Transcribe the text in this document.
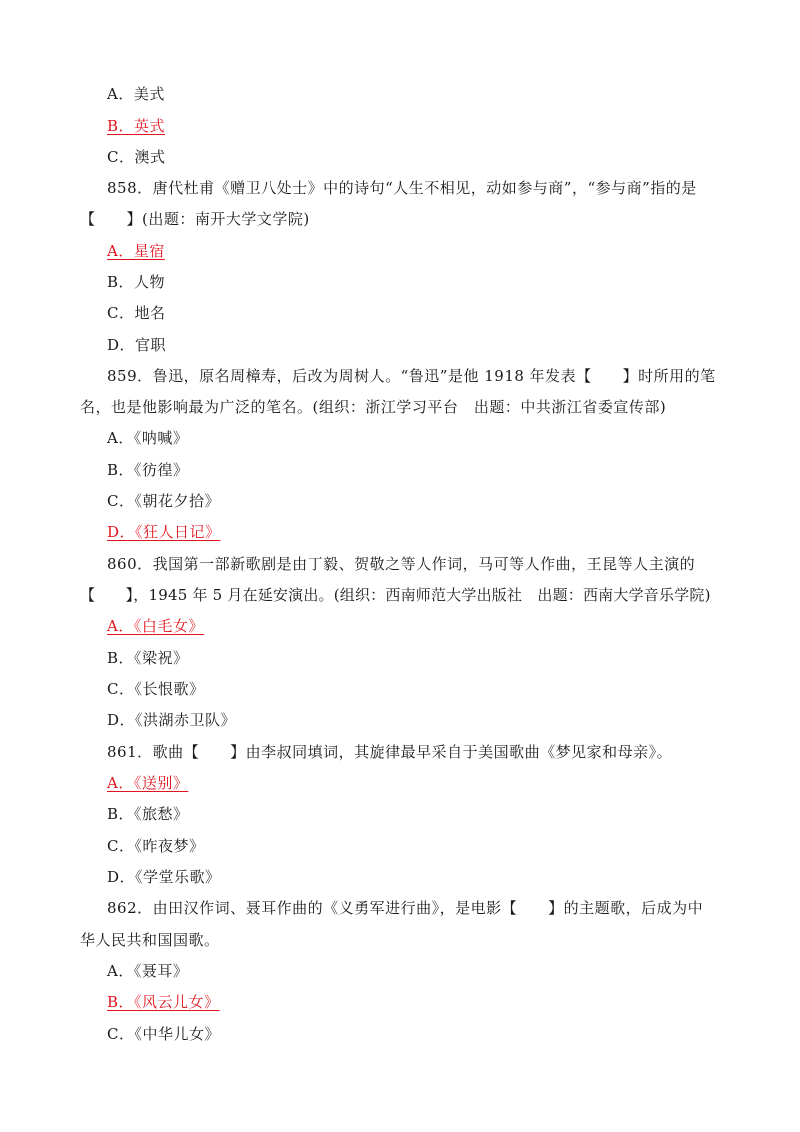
A．美式
B．英式
C．澳式
858．唐代杜甫《赠卫八处士》中的诗句“人生不相见，动如参与商”，“参与商”指的是
【　　】(出题：南开大学文学院)
A．星宿
B．人物
C．地名
D．官职
859．鲁迅，原名周樟寿，后改为周树人。“鲁迅”是他 1918 年发表【　　】时所用的笔
名，也是他影响最为广泛的笔名。(组织：浙江学习平台　出题：中共浙江省委宣传部)
A．《呐喊》
B．《彷徨》
C．《朝花夕拾》
D．《狂人日记》
860．我国第一部新歌剧是由丁毅、贺敬之等人作词，马可等人作曲，王昆等人主演的
【　　】，1945 年 5 月在延安演出。(组织：西南师范大学出版社　出题：西南大学音乐学院)
A．《白毛女》
B．《梁祝》
C．《长恨歌》
D．《洪湖赤卫队》
861．歌曲【　　】由李叔同填词，其旋律最早采自于美国歌曲《梦见家和母亲》。
A．《送别》
B．《旅愁》
C．《昨夜梦》
D．《学堂乐歌》
862．由田汉作词、聂耳作曲的《义勇军进行曲》，是电影【　　】的主题歌，后成为中
华人民共和国国歌。
A．《聂耳》
B．《风云儿女》
C．《中华儿女》
